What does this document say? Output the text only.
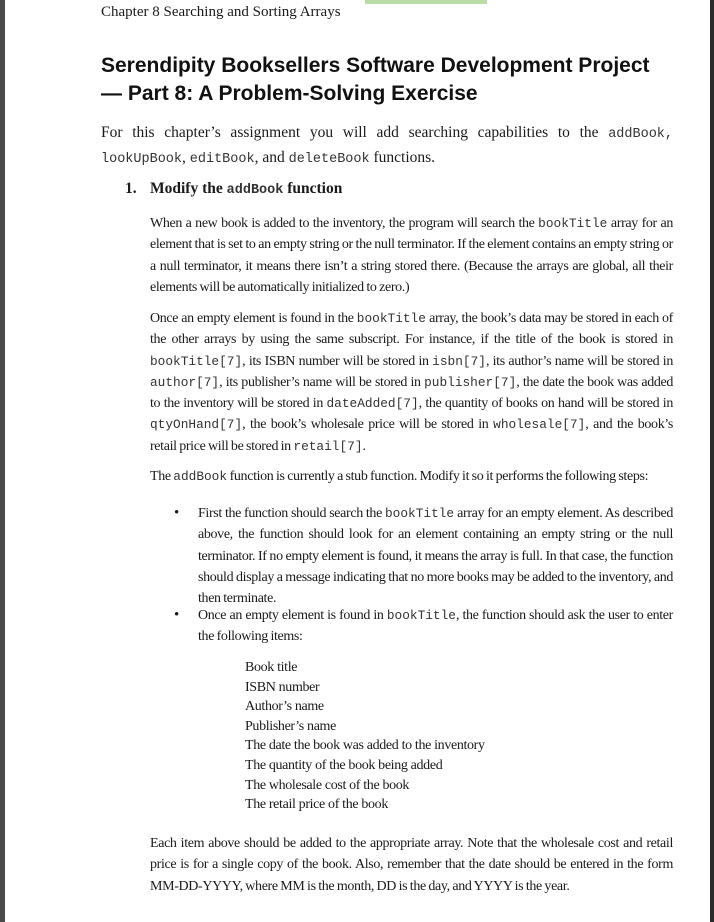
Chapter 8 Searching and Sorting Arrays
Serendipity Booksellers Software Development Project— Part 8: A Problem-Solving Exercise

For this chapter’s assignment you will add searching capabilities to the addBook, lookUpBook, editBook, and deleteBook functions.

1. Modify the addBook function

When a new book is added to the inventory, the program will search the bookTitle array for an element that is set to an empty string or the null terminator. If the element contains an empty string or a null terminator, it means there isn’t a string stored there. (Because the arrays are global, all their elements will be automatically initialized to zero.)

Once an empty element is found in the bookTitle array, the book’s data may be stored in each of the other arrays by using the same subscript. For instance, if the title of the book is stored in bookTitle[7], its ISBN number will be stored in isbn[7], its author’s name will be stored in author[7], its publisher’s name will be stored in publisher[7], the date the book was added to the inventory will be stored in dateAdded[7], the quantity of books on hand will be stored in qtyOnHand[7], the book’s wholesale price will be stored in wholesale[7], and the book’s retail price will be stored in retail[7].

The addBook function is currently a stub function. Modify it so it performs the following steps:

• First the function should search the bookTitle array for an empty element. As described above, the function should look for an element containing an empty string or the null terminator. If no empty element is found, it means the array is full. In that case, the function should display a message indicating that no more books may be added to the inventory, and then terminate.

• Once an empty element is found in bookTitle, the function should ask the user to enter the following items:

Book title
ISBN number
Author’s name
Publisher’s name
The date the book was added to the inventory
The quantity of the book being added
The wholesale cost of the book
The retail price of the book

Each item above should be added to the appropriate array. Note that the wholesale cost and retail price is for a single copy of the book. Also, remember that the date should be entered in the form MM-DD-YYYY, where MM is the month, DD is the day, and YYYY is the year.
